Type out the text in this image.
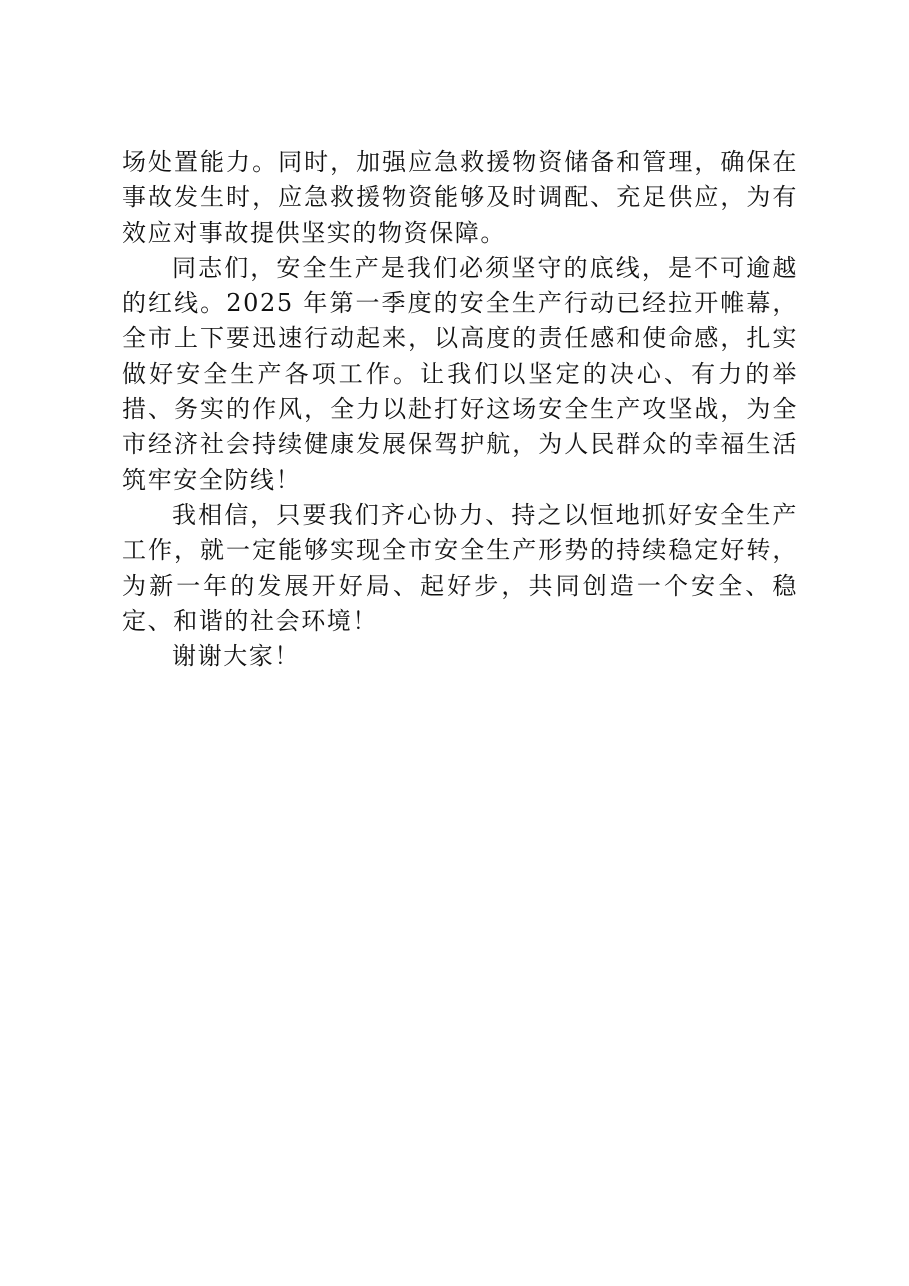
场处置能力。同时，加强应急救援物资储备和管理，确保在事故发生时，应急救援物资能够及时调配、充足供应，为有效应对事故提供坚实的物资保障。

同志们，安全生产是我们必须坚守的底线，是不可逾越的红线。2025 年第一季度的安全生产行动已经拉开帷幕，全市上下要迅速行动起来，以高度的责任感和使命感，扎实做好安全生产各项工作。让我们以坚定的决心、有力的举措、务实的作风，全力以赴打好这场安全生产攻坚战，为全市经济社会持续健康发展保驾护航，为人民群众的幸福生活筑牢安全防线！

我相信，只要我们齐心协力、持之以恒地抓好安全生产工作，就一定能够实现全市安全生产形势的持续稳定好转，为新一年的发展开好局、起好步，共同创造一个安全、稳定、和谐的社会环境！

谢谢大家！
